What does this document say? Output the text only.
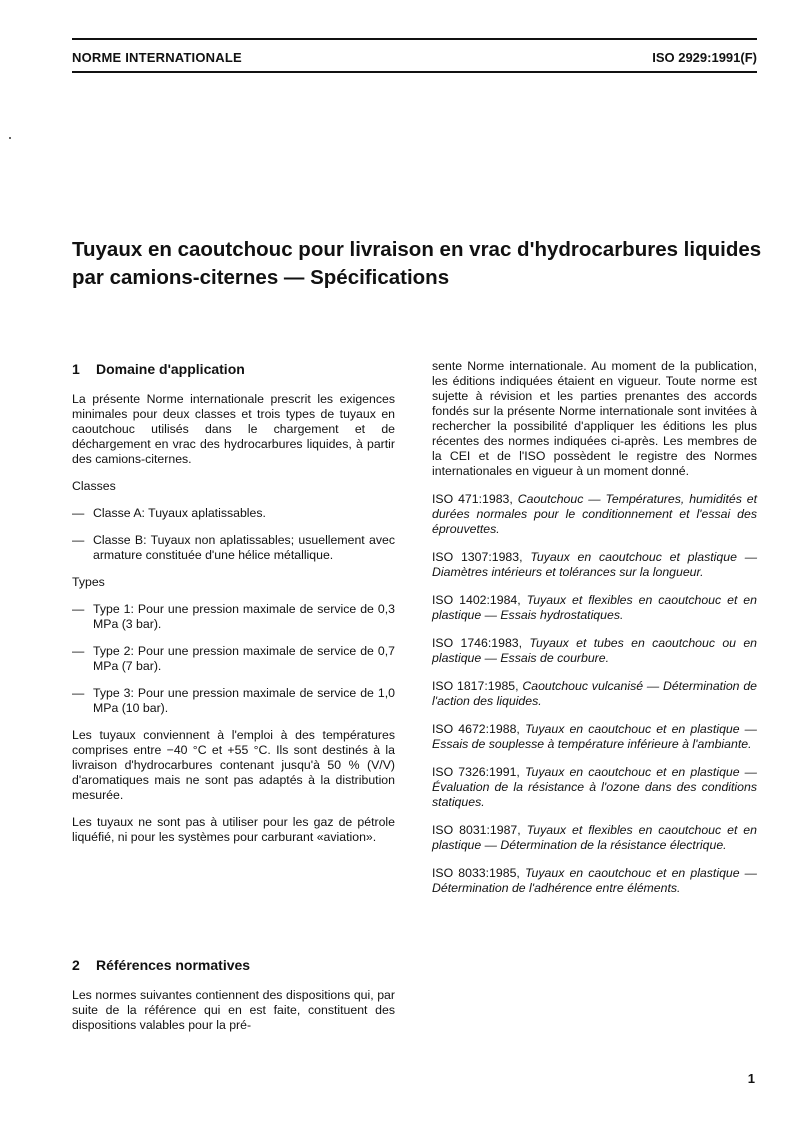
NORME INTERNATIONALE	ISO 2929:1991(F)
Tuyaux en caoutchouc pour livraison en vrac d'hydrocarbures liquides par camions-citernes — Spécifications
1 Domaine d'application

La présente Norme internationale prescrit les exigences minimales pour deux classes et trois types de tuyaux en caoutchouc utilisés dans le chargement et de déchargement en vrac des hydrocarbures liquides, à partir des camions-citernes.

Classes

— Classe A: Tuyaux aplatissables.
— Classe B: Tuyaux non aplatissables; usuellement avec armature constituée d'une hélice métallique.

Types

— Type 1: Pour une pression maximale de service de 0,3 MPa (3 bar).
— Type 2: Pour une pression maximale de service de 0,7 MPa (7 bar).
— Type 3: Pour une pression maximale de service de 1,0 MPa (10 bar).

Les tuyaux conviennent à l'emploi à des températures comprises entre −40 °C et +55 °C. Ils sont destinés à la livraison d'hydrocarbures contenant jusqu'à 50 % (V/V) d'aromatiques mais ne sont pas adaptés à la distribution mesurée.

Les tuyaux ne sont pas à utiliser pour les gaz de pétrole liquéfié, ni pour les systèmes pour carburant «aviation».

2 Références normatives

Les normes suivantes contiennent des dispositions qui, par suite de la référence qui en est faite, constituent des dispositions valables pour la pré-

sente Norme internationale. Au moment de la publication, les éditions indiquées étaient en vigueur. Toute norme est sujette à révision et les parties prenantes des accords fondés sur la présente Norme internationale sont invitées à rechercher la possibilité d'appliquer les éditions les plus récentes des normes indiquées ci-après. Les membres de la CEI et de l'ISO possèdent le registre des Normes internationales en vigueur à un moment donné.

ISO 471:1983, Caoutchouc — Températures, humidités et durées normales pour le conditionnement et l'essai des éprouvettes.

ISO 1307:1983, Tuyaux en caoutchouc et plastique — Diamètres intérieurs et tolérances sur la longueur.

ISO 1402:1984, Tuyaux et flexibles en caoutchouc et en plastique — Essais hydrostatiques.

ISO 1746:1983, Tuyaux et tubes en caoutchouc ou en plastique — Essais de courbure.

ISO 1817:1985, Caoutchouc vulcanisé — Détermination de l'action des liquides.

ISO 4672:1988, Tuyaux en caoutchouc et en plastique — Essais de souplesse à température inférieure à l'ambiante.

ISO 7326:1991, Tuyaux en caoutchouc et en plastique — Évaluation de la résistance à l'ozone dans des conditions statiques.

ISO 8031:1987, Tuyaux et flexibles en caoutchouc et en plastique — Détermination de la résistance électrique.

ISO 8033:1985, Tuyaux en caoutchouc et en plastique — Détermination de l'adhérence entre éléments.

1
